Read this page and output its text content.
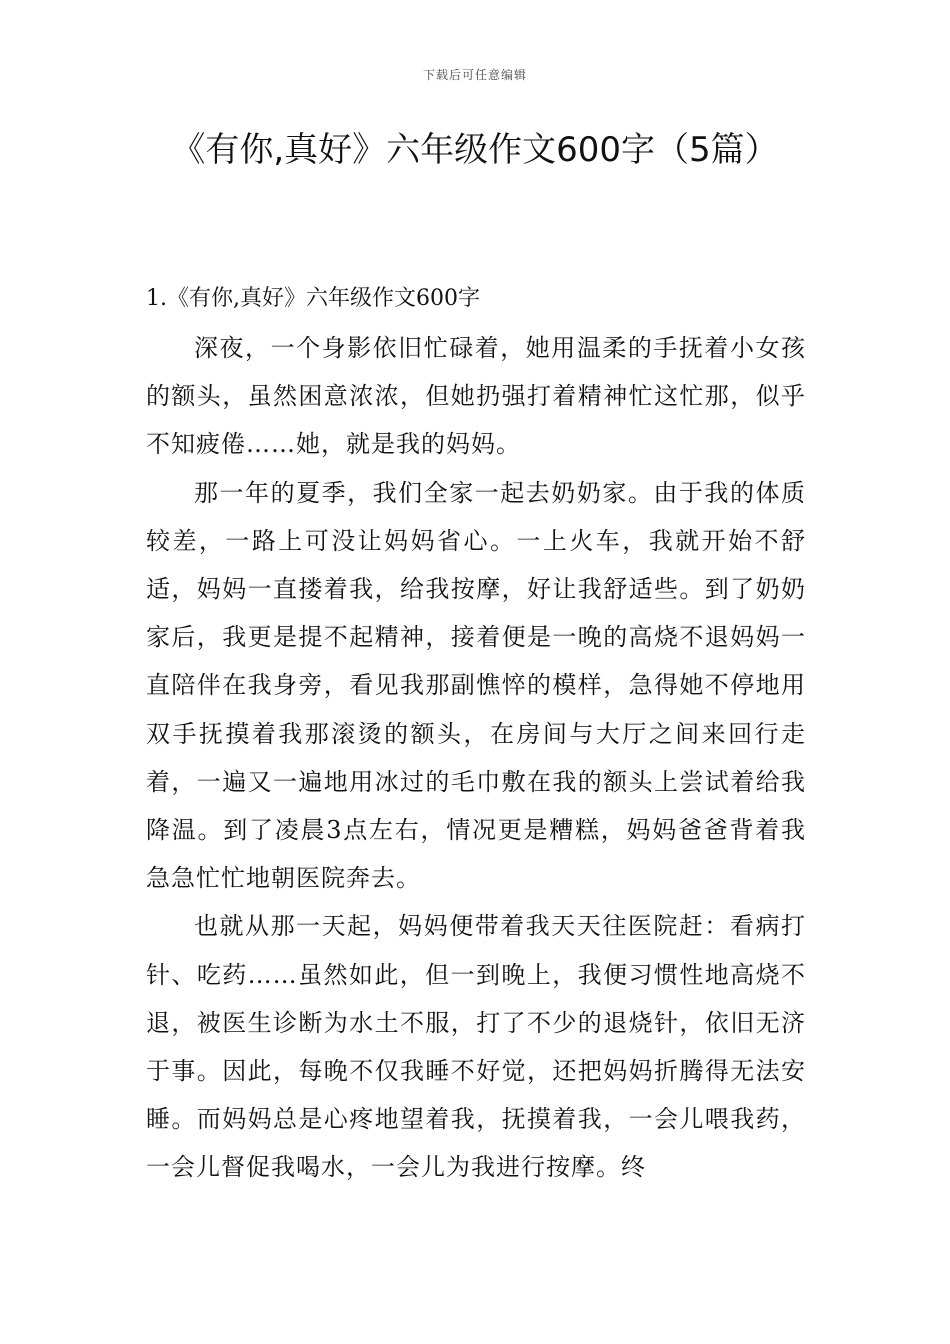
下载后可任意编辑
《有你,真好》六年级作文600字（5篇）
1.《有你,真好》六年级作文600字

深夜，一个身影依旧忙碌着，她用温柔的手抚着小女孩的额头，虽然困意浓浓，但她扔强打着精神忙这忙那，似乎不知疲倦……她，就是我的妈妈。

那一年的夏季，我们全家一起去奶奶家。由于我的体质较差，一路上可没让妈妈省心。一上火车，我就开始不舒适，妈妈一直搂着我，给我按摩，好让我舒适些。到了奶奶家后，我更是提不起精神，接着便是一晚的高烧不退妈妈一直陪伴在我身旁，看见我那副憔悴的模样，急得她不停地用双手抚摸着我那滚烫的额头，在房间与大厅之间来回行走着，一遍又一遍地用冰过的毛巾敷在我的额头上尝试着给我降温。到了凌晨3点左右，情况更是糟糕，妈妈爸爸背着我急急忙忙地朝医院奔去。

也就从那一天起，妈妈便带着我天天往医院赶：看病打针、吃药……虽然如此，但一到晚上，我便习惯性地高烧不退，被医生诊断为水土不服，打了不少的退烧针，依旧无济于事。因此，每晚不仅我睡不好觉，还把妈妈折腾得无法安睡。而妈妈总是心疼地望着我，抚摸着我，一会儿喂我药，一会儿督促我喝水，一会儿为我进行按摩。终
